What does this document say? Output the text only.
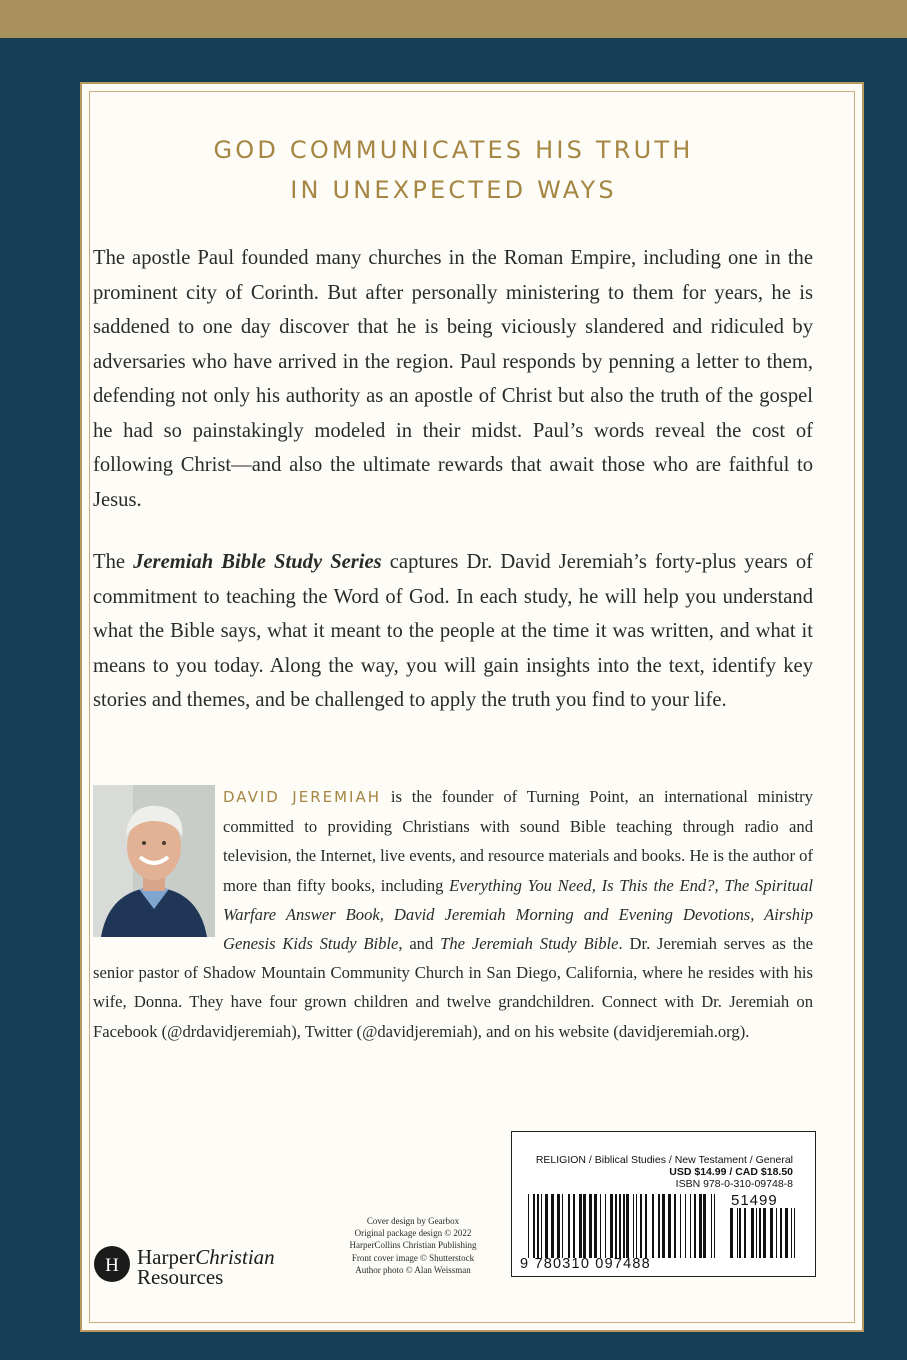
GOD COMMUNICATES HIS TRUTH
IN UNEXPECTED WAYS

The apostle Paul founded many churches in the Roman Empire, including one in the prominent city of Corinth. But after personally ministering to them for years, he is saddened to one day discover that he is being viciously slandered and ridiculed by adversaries who have arrived in the region. Paul responds by penning a letter to them, defending not only his authority as an apostle of Christ but also the truth of the gospel he had so painstakingly modeled in their midst. Paul’s words reveal the cost of following Christ—and also the ultimate rewards that await those who are faithful to Jesus.

The Jeremiah Bible Study Series captures Dr. David Jeremiah’s forty-plus years of commitment to teaching the Word of God. In each study, he will help you understand what the Bible says, what it meant to the people at the time it was written, and what it means to you today. Along the way, you will gain insights into the text, identify key stories and themes, and be challenged to apply the truth you find to your life.

DAVID JEREMIAH is the founder of Turning Point, an international ministry committed to providing Christians with sound Bible teaching through radio and television, the Internet, live events, and resource materials and books. He is the author of more than fifty books, including Everything You Need, Is This the End?, The Spiritual Warfare Answer Book, David Jeremiah Morning and Evening Devotions, Airship Genesis Kids Study Bible, and The Jeremiah Study Bible. Dr. Jeremiah serves as the senior pastor of Shadow Mountain Community Church in San Diego, California, where he resides with his wife, Donna. They have four grown children and twelve grandchildren. Connect with Dr. Jeremiah on Facebook (@drdavidjeremiah), Twitter (@davidjeremiah), and on his website (davidjeremiah.org).

H HarperChristian
Resources
Cover design by Gearbox
Original package design © 2022
HarperCollins Christian Publishing
Front cover image © Shutterstock
Author photo © Alan Weissman
RELIGION / Biblical Studies / New Testament / General
USD $14.99 / CAD $18.50
ISBN 978-0-310-09748-8
51499
9 780310 097488
